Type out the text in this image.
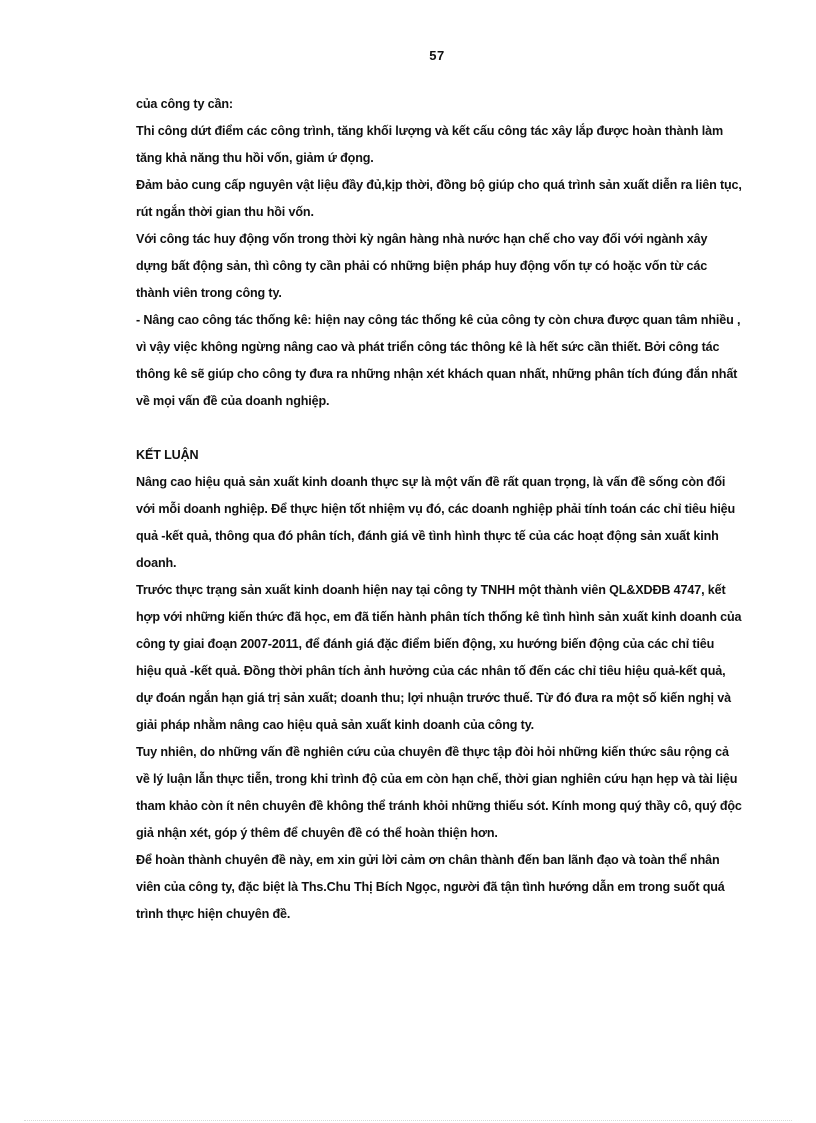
57

của công ty cần:

Thi công dứt điểm các công trình, tăng khối lượng và kết cấu công tác xây lắp được hoàn thành làm tăng khả năng thu hồi vốn, giảm ứ đọng.

Đảm bảo cung cấp nguyên vật liệu đầy đủ,kịp thời, đồng bộ giúp cho quá trình sản xuất diễn ra liên tục, rút ngắn thời gian thu hồi vốn.

Với công tác huy động vốn trong thời kỳ ngân hàng nhà nước hạn chế cho vay đối với ngành xây dựng bất động sản, thì công ty cần phải có những biện pháp huy động vốn tự có hoặc vốn từ các thành viên trong công ty.

- Nâng cao công tác thống kê: hiện nay công tác thống kê của công ty còn chưa được quan tâm nhiều , vì vậy việc không ngừng nâng cao và phát triển công tác thông kê là hết sức cần thiết. Bởi công tác thông kê sẽ giúp cho công ty đưa ra những nhận xét khách quan nhất, những phân tích đúng đắn nhất về mọi vấn đề của doanh nghiệp.

KẾT LUẬN

Nâng cao hiệu quả sản xuất kinh doanh thực sự là một vấn đề rất quan trọng, là vấn đề sống còn đối với mỗi doanh nghiệp. Để thực hiện tốt nhiệm vụ đó, các doanh nghiệp phải tính toán các chỉ tiêu hiệu quả -kết quả, thông qua đó phân tích, đánh giá về tình hình thực tế của các hoạt động sản xuất kinh doanh.

Trước thực trạng sản xuất kinh doanh hiện nay tại công ty TNHH một thành viên QL&XDĐB 4747, kết hợp với những kiến thức đã học, em đã tiến hành phân tích thống kê tình hình sản xuất kinh doanh của công ty giai đoạn 2007-2011, để đánh giá đặc điểm biến động, xu hướng biến động của các chỉ tiêu hiệu quả -kết quả. Đồng thời phân tích ảnh hưởng của các nhân tố đến các chỉ tiêu hiệu quả-kết quả, dự đoán ngắn hạn giá trị sản xuất; doanh thu; lợi nhuận trước thuế. Từ đó đưa ra một số kiến nghị và giải pháp nhằm nâng cao hiệu quả sản xuất kinh doanh của công ty.

Tuy nhiên, do những vấn đề nghiên cứu của chuyên đề thực tập đòi hỏi những kiến thức sâu rộng cả về lý luận lẫn thực tiễn, trong khi trình độ của em còn hạn chế, thời gian nghiên cứu hạn hẹp và tài liệu tham khảo còn ít nên chuyên đề không thể tránh khỏi những thiếu sót. Kính mong quý thầy cô, quý độc giả nhận xét, góp ý thêm để chuyên đề có thể hoàn thiện hơn.

Để hoàn thành chuyên đề này, em xin gửi lời cảm ơn chân thành đến ban lãnh đạo và toàn thể nhân viên của công ty, đặc biệt là Ths.Chu Thị Bích Ngọc, người đã tận tình hướng dẫn em trong suốt quá trình thực hiện chuyên đề.
